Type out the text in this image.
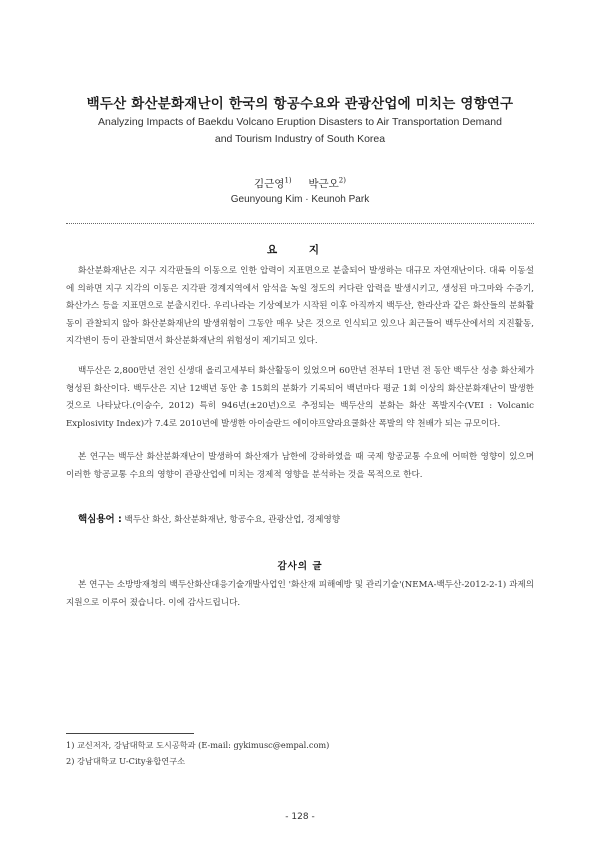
백두산 화산분화재난이 한국의 항공수요와 관광산업에 미치는 영향연구
Analyzing Impacts of Baekdu Volcano Eruption Disasters to Air Transportation Demand
and Tourism Industry of South Korea
김근영$^{1)}$ 박근오$^{2)}$
Geunyoung Kim · Keunoh Park
요 지

화산분화재난은 지구 지각판들의 이동으로 인한 압력이 지표면으로 분출되어 발생하는 대규모 자연재난이다. 대륙 이동설에 의하면 지구 지각의 이동은 지각판 경계지역에서 암석을 녹일 정도의 커다란 압력을 발생시키고, 생성된 마그마와 수증기, 화산가스 등을 지표면으로 분출시킨다. 우리나라는 기상예보가 시작된 이후 아직까지 백두산, 한라산과 같은 화산들의 분화활동이 관찰되지 않아 화산분화재난의 발생위험이 그동안 매우 낮은 것으로 인식되고 있으나 최근들어 백두산에서의 지진활동, 지각변이 등이 관찰되면서 화산분화재난의 위험성이 제기되고 있다.

백두산은 2,800만년 전인 신생대 올리고세부터 화산활동이 있었으며 60만년 전부터 1만년 전 동안 백두산 성층 화산체가 형성된 화산이다. 백두산은 지난 12백년 동안 총 15회의 분화가 기록되어 백년마다 평균 1회 이상의 화산분화재난이 발생한 것으로 나타났다.(이승수, 2012) 특히 946년(±20년)으로 추정되는 백두산의 분화는 화산 폭발지수(VEI : Volcanic Explosivity Index)가 7.4로 2010년에 발생한 아이슬란드 에이야프얄라요쿨화산 폭발의 약 천배가 되는 규모이다.

본 연구는 백두산 화산분화재난이 발생하여 화산재가 남한에 강하하였을 때 국제 항공교통 수요에 어떠한 영향이 있으며 이러한 항공교통 수요의 영향이 관광산업에 미치는 경제적 영향을 분석하는 것을 목적으로 한다.

핵심용어 : 백두산 화산, 화산분화재난, 항공수요, 관광산업, 경제영향
감사의 글

본 연구는 소방방재청의 백두산화산대응기술개발사업인 '화산재 피해예방 및 관리기술'(NEMA-백두산-2012-2-1) 과제의 지원으로 이루어 졌습니다. 이에 감사드립니다.

1) 교신저자, 강남대학교 도시공학과 (E-mail: gykimusc@empal.com)
2) 강남대학교 U-City융합연구소
- 128 -
